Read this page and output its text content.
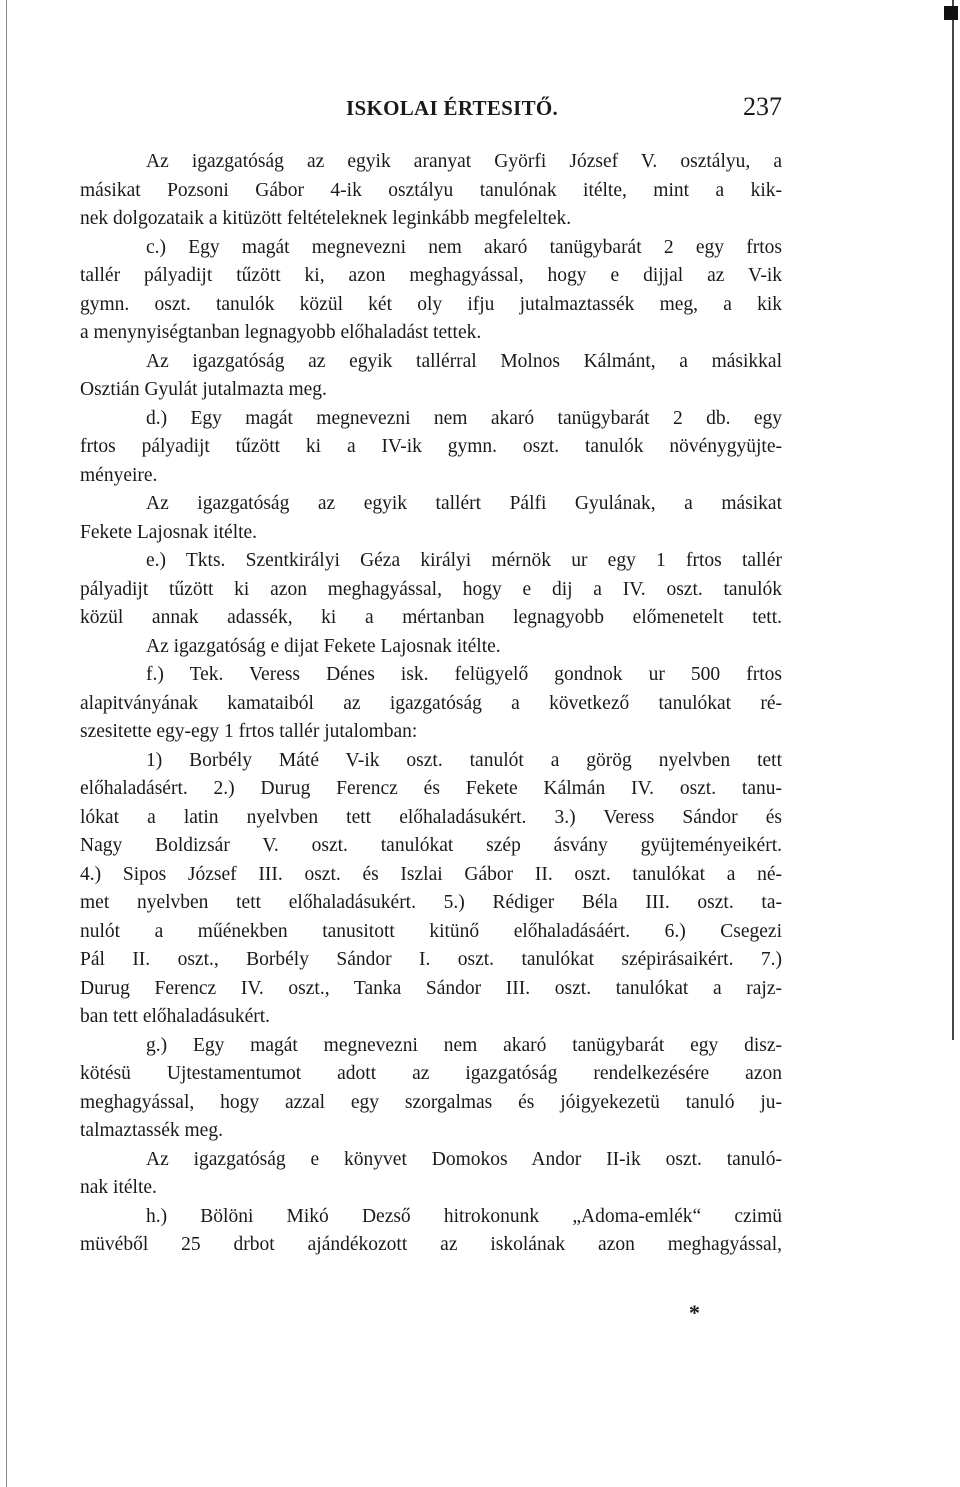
ISKOLAI ÉRTESITŐ.	237
Az igazgatóság az egyik aranyat Györfi József V. osztályu, a
másikat Pozsoni Gábor 4-ik osztályu tanulónak itélte, mint a kik-
nek dolgozataik a kitüzött feltételeknek leginkább megfeleltek.
c.) Egy magát megnevezni nem akaró tanügybarát 2 egy frtos
tallér pályadijt tűzött ki, azon meghagyással, hogy e dijjal az V-ik
gymn. oszt. tanulók közül két oly ifju jutalmaztassék meg, a kik
a menynyiségtanban legnagyobb előhaladást tettek.
Az igazgatóság az egyik tallérral Molnos Kálmánt, a másikkal
Osztián Gyulát jutalmazta meg.
d.) Egy magát megnevezni nem akaró tanügybarát 2 db. egy
frtos pályadijt tűzött ki a IV-ik gymn. oszt. tanulók növénygyüjte-
ményeire.
Az igazgatóság az egyik tallért Pálfi Gyulának, a másikat
Fekete Lajosnak itélte.
e.) Tkts. Szentkirályi Géza királyi mérnök ur egy 1 frtos tallér
pályadijt tűzött ki azon meghagyással, hogy e dij a IV. oszt. tanulók
közül annak adassék, ki a mértanban legnagyobb előmenetelt tett.
Az igazgatóság e dijat Fekete Lajosnak itélte.
f.) Tek. Veress Dénes isk. felügyelő gondnok ur 500 frtos
alapitványának kamataiból az igazgatóság a következő tanulókat ré-
szesitette egy-egy 1 frtos tallér jutalomban:
1) Borbély Máté V-ik oszt. tanulót a görög nyelvben tett
előhaladásért. 2.) Durug Ferencz és Fekete Kálmán IV. oszt. tanu-
lókat a latin nyelvben tett előhaladásukért. 3.) Veress Sándor és
Nagy Boldizsár V. oszt. tanulókat szép ásvány gyüjteményeikért.
4.) Sipos József III. oszt. és Iszlai Gábor II. oszt. tanulókat a né-
met nyelvben tett előhaladásukért. 5.) Rédiger Béla III. oszt. ta-
nulót a műénekben tanusitott kitünő előhaladásáért. 6.) Csegezi
Pál II. oszt., Borbély Sándor I. oszt. tanulókat szépirásaikért. 7.)
Durug Ferencz IV. oszt., Tanka Sándor III. oszt. tanulókat a rajz-
ban tett előhaladásukért.
g.) Egy magát megnevezni nem akaró tanügybarát egy disz-
kötésü Ujtestamentumot adott az igazgatóság rendelkezésére azon
meghagyással, hogy azzal egy szorgalmas és jóigyekezetü tanuló ju-
talmaztassék meg.
Az igazgatóság e könyvet Domokos Andor II-ik oszt. tanuló-
nak itélte.
h.) Bölöni Mikó Dezső hitrokonunk „Adoma-emlék“ czimü
müvéből 25 drbot ajándékozott az iskolának azon meghagyással,
*
